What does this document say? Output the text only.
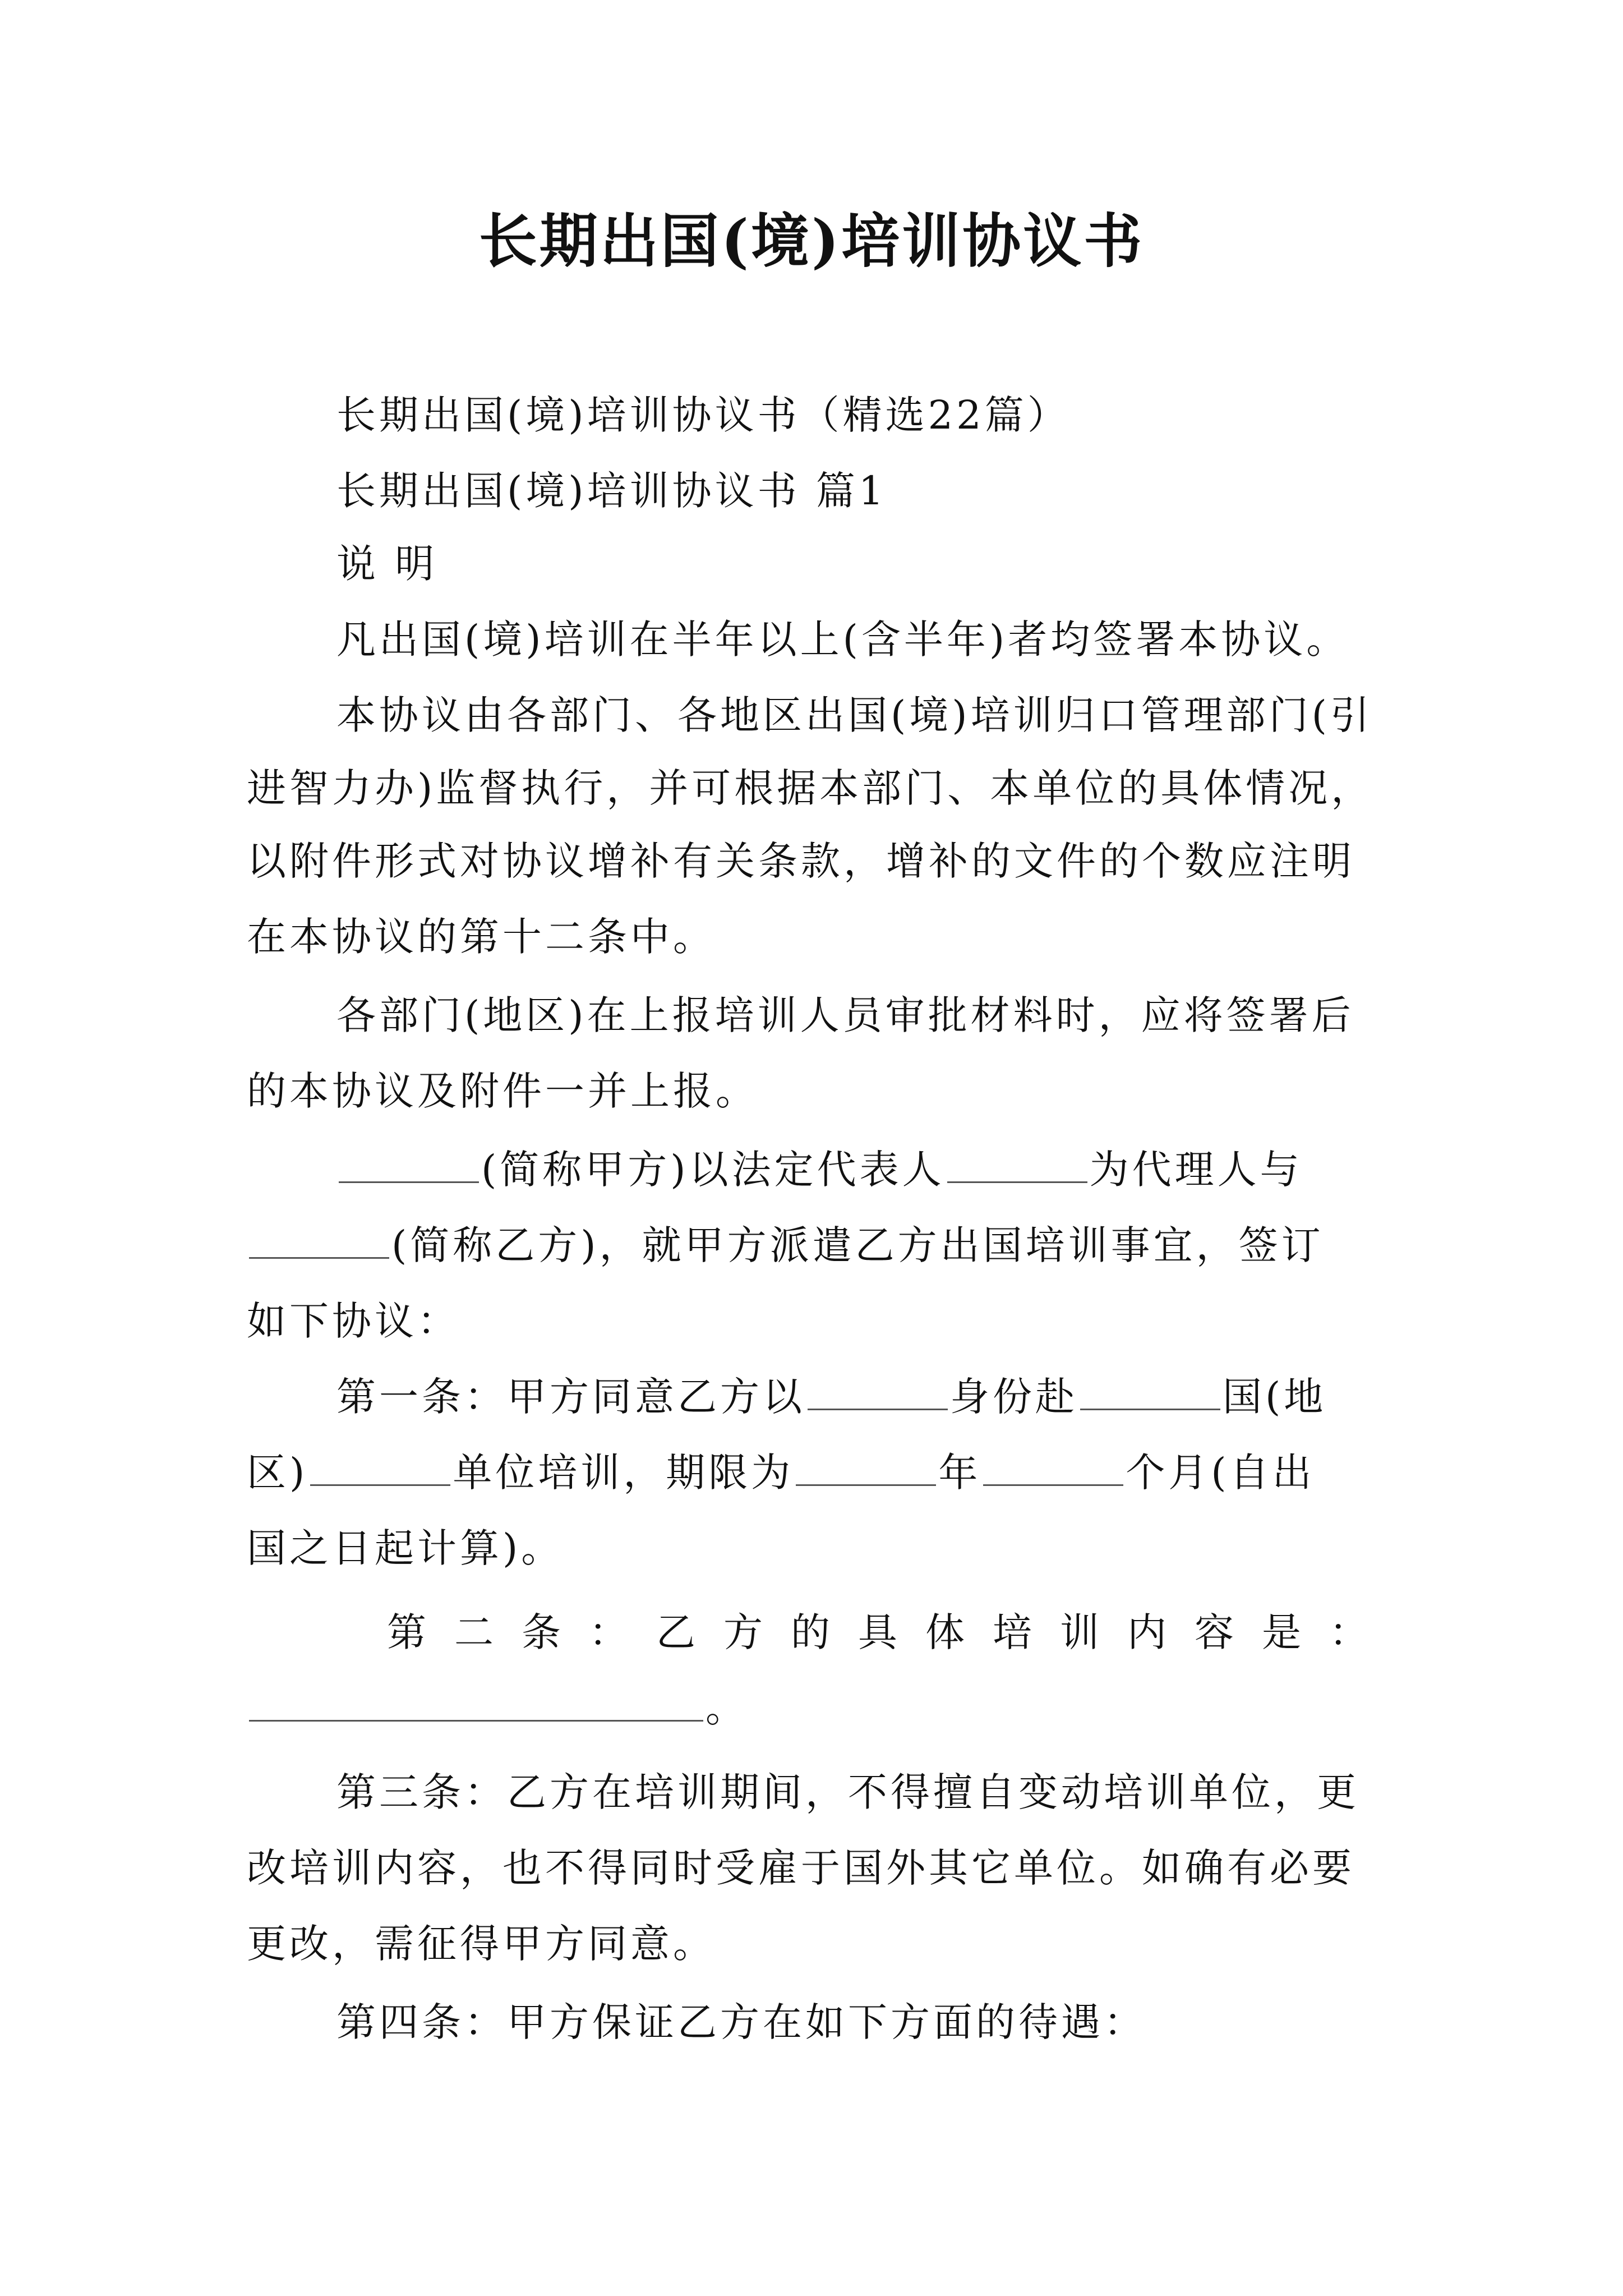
长期出国(境)培训协议书
长期出国(境)培训协议书（精选22篇）
长期出国(境)培训协议书 篇1
说 明
凡出国(境)培训在半年以上(含半年)者均签署本协议。
本协议由各部门、各地区出国(境)培训归口管理部门(引
进智力办)监督执行，并可根据本部门、本单位的具体情况，
以附件形式对协议增补有关条款，增补的文件的个数应注明
在本协议的第十二条中。
各部门(地区)在上报培训人员审批材料时，应将签署后
的本协议及附件一并上报。
(简称甲方)以法定代表人	为代理人与
(简称乙方)，就甲方派遣乙方出国培训事宜，签订
如下协议：
第一条：甲方同意乙方以	身份赴	国(地
区)	单位培训，期限为	年	个月(自出
国之日起计算)。
第二条：乙方的具体培训内容是：
。
第三条：乙方在培训期间，不得擅自变动培训单位，更
改培训内容，也不得同时受雇于国外其它单位。如确有必要
更改，需征得甲方同意。
第四条：甲方保证乙方在如下方面的待遇：
